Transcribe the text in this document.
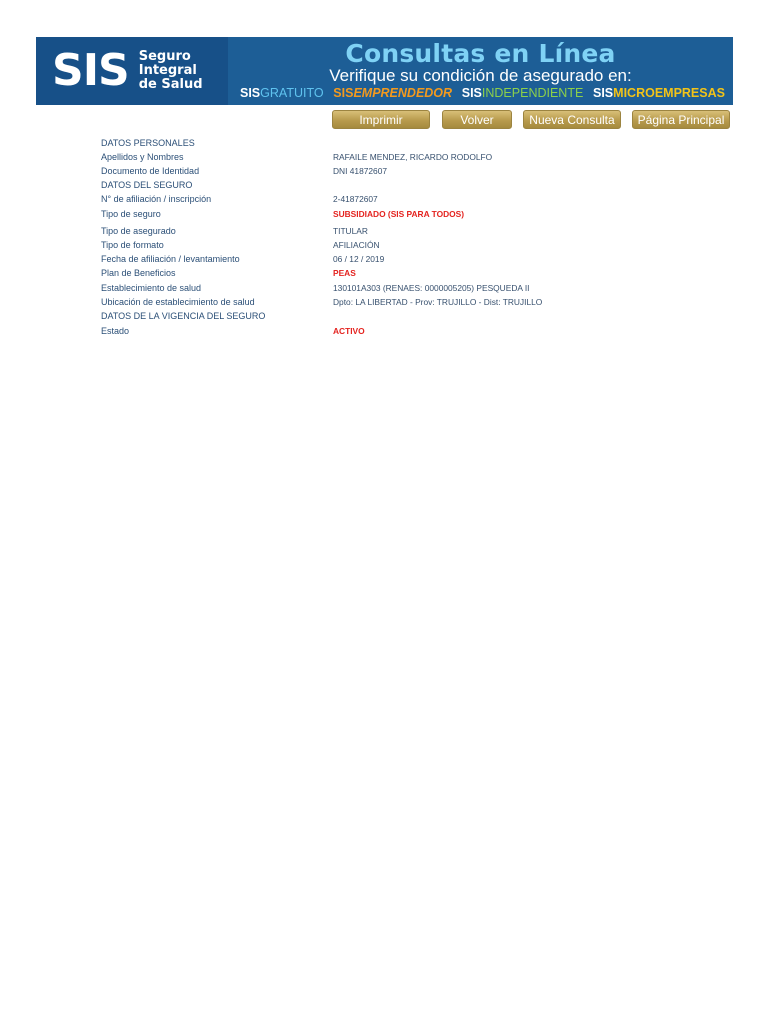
SIS Seguro
Integral
de Salud
Consultas en Línea
Verifique su condición de asegurado en:
SISGRATUITO SISEMPRENDEDOR SISINDEPENDIENTE SISMICROEMPRESAS
Imprimir	Volver	Nueva Consulta	Página Principal
DATOS PERSONALES
Apellidos y Nombres	RAFAILE MENDEZ, RICARDO RODOLFO
Documento de Identidad	DNI 41872607
DATOS DEL SEGURO
N° de afiliación / inscripción	2-41872607
Tipo de seguro	SUBSIDIADO (SIS PARA TODOS)
Tipo de asegurado	TITULAR
Tipo de formato	AFILIACIÓN
Fecha de afiliación / levantamiento	06 / 12 / 2019
Plan de Beneficios	PEAS
Establecimiento de salud	130101A303 (RENAES: 0000005205) PESQUEDA II
Ubicación de establecimiento de salud	Dpto: LA LIBERTAD - Prov: TRUJILLO - Dist: TRUJILLO
DATOS DE LA VIGENCIA DEL SEGURO
Estado	ACTIVO
